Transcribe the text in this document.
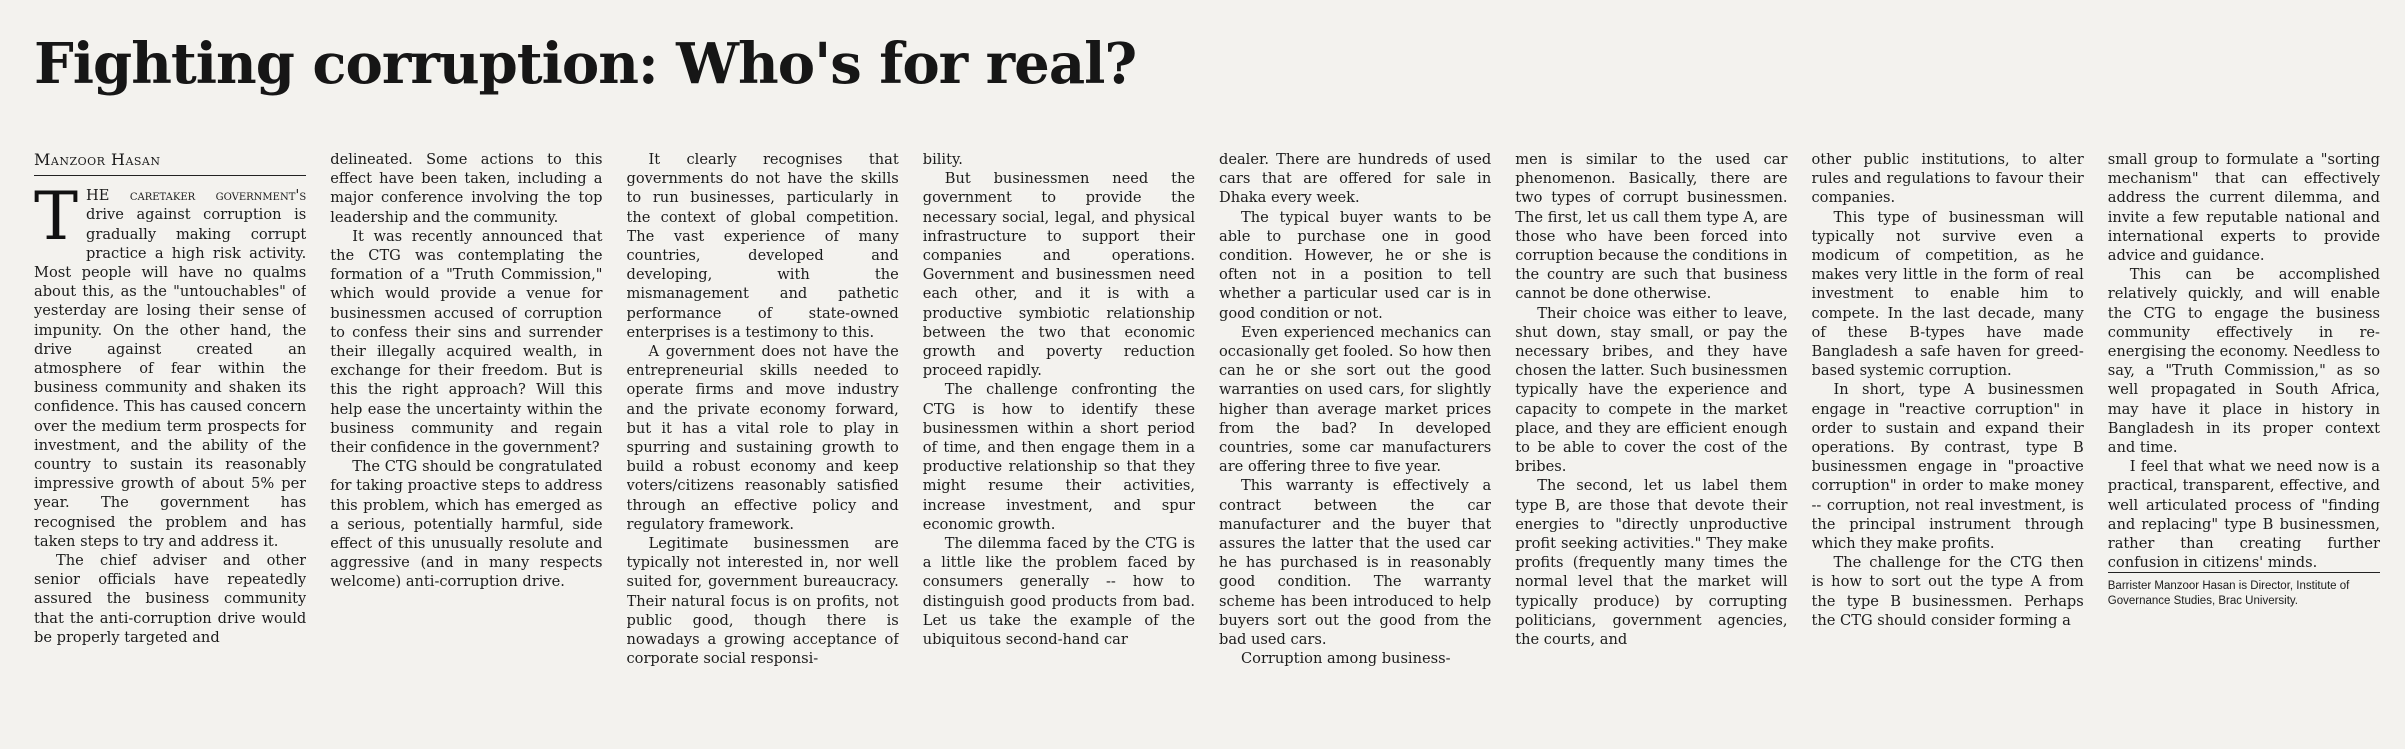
Fighting corruption: Who's for real?
Manzoor Hasan

THE caretaker government's drive against corruption is gradually making corrupt practice a high risk activity. Most people will have no qualms about this, as the "untouchables" of yesterday are losing their sense of impunity. On the other hand, the drive against created an atmosphere of fear within the business community and shaken its confidence. This has caused concern over the medium term prospects for investment, and the ability of the country to sustain its reasonably impressive growth of about 5% per year. The government has recognised the problem and has taken steps to try and address it.

The chief adviser and other senior officials have repeatedly assured the business community that the anti-corruption drive would be properly targeted and

delineated. Some actions to this effect have been taken, including a major conference involving the top leadership and the community.

It was recently announced that the CTG was contemplating the formation of a "Truth Commission," which would provide a venue for businessmen accused of corruption to confess their sins and surrender their illegally acquired wealth, in exchange for their freedom. But is this the right approach? Will this help ease the uncertainty within the business community and regain their confidence in the government?

The CTG should be congratulated for taking proactive steps to address this problem, which has emerged as a serious, potentially harmful, side effect of this unusually resolute and aggressive (and in many respects welcome) anti-corruption drive.

It clearly recognises that governments do not have the skills to run businesses, particularly in the context of global competition. The vast experience of many countries, developed and developing, with the mismanagement and pathetic performance of state-owned enterprises is a testimony to this.

A government does not have the entrepreneurial skills needed to operate firms and move industry and the private economy forward, but it has a vital role to play in spurring and sustaining growth to build a robust economy and keep voters/citizens reasonably satisfied through an effective policy and regulatory framework.

Legitimate businessmen are typically not interested in, nor well suited for, government bureaucracy. Their natural focus is on profits, not public good, though there is nowadays a growing acceptance of corporate social responsi-

bility.

But businessmen need the government to provide the necessary social, legal, and physical infrastructure to support their companies and operations. Government and businessmen need each other, and it is with a productive symbiotic relationship between the two that economic growth and poverty reduction proceed rapidly.

The challenge confronting the CTG is how to identify these businessmen within a short period of time, and then engage them in a productive relationship so that they might resume their activities, increase investment, and spur economic growth.

The dilemma faced by the CTG is a little like the problem faced by consumers generally -- how to distinguish good products from bad. Let us take the example of the ubiquitous second-hand car

dealer. There are hundreds of used cars that are offered for sale in Dhaka every week.

The typical buyer wants to be able to purchase one in good condition. However, he or she is often not in a position to tell whether a particular used car is in good condition or not.

Even experienced mechanics can occasionally get fooled. So how then can he or she sort out the good warranties on used cars, for slightly higher than average market prices from the bad? In developed countries, some car manufacturers are offering three to five year.

This warranty is effectively a contract between the car manufacturer and the buyer that assures the latter that the used car he has purchased is in reasonably good condition. The warranty scheme has been introduced to help buyers sort out the good from the bad used cars.

Corruption among business-

men is similar to the used car phenomenon. Basically, there are two types of corrupt businessmen. The first, let us call them type A, are those who have been forced into corruption because the conditions in the country are such that business cannot be done otherwise.

Their choice was either to leave, shut down, stay small, or pay the necessary bribes, and they have chosen the latter. Such businessmen typically have the experience and capacity to compete in the market place, and they are efficient enough to be able to cover the cost of the bribes.

The second, let us label them type B, are those that devote their energies to "directly unproductive profit seeking activities." They make profits (frequently many times the normal level that the market will typically produce) by corrupting politicians, government agencies, the courts, and

other public institutions, to alter rules and regulations to favour their companies.

This type of businessman will typically not survive even a modicum of competition, as he makes very little in the form of real investment to enable him to compete. In the last decade, many of these B-types have made Bangladesh a safe haven for greed-based systemic corruption.

In short, type A businessmen engage in "reactive corruption" in order to sustain and expand their operations. By contrast, type B businessmen engage in "proactive corruption" in order to make money -- corruption, not real investment, is the principal instrument through which they make profits.

The challenge for the CTG then is how to sort out the type A from the type B businessmen. Perhaps the CTG should consider forming a

small group to formulate a "sorting mechanism" that can effectively address the current dilemma, and invite a few reputable national and international experts to provide advice and guidance.

This can be accomplished relatively quickly, and will enable the CTG to engage the business community effectively in re-energising the economy. Needless to say, a "Truth Commission," as so well propagated in South Africa, may have it place in history in Bangladesh in its proper context and time.

I feel that what we need now is a practical, transparent, effective, and well articulated process of "finding and replacing" type B businessmen, rather than creating further confusion in citizens' minds.

Barrister Manzoor Hasan is Director, Institute of Governance Studies, Brac University.
